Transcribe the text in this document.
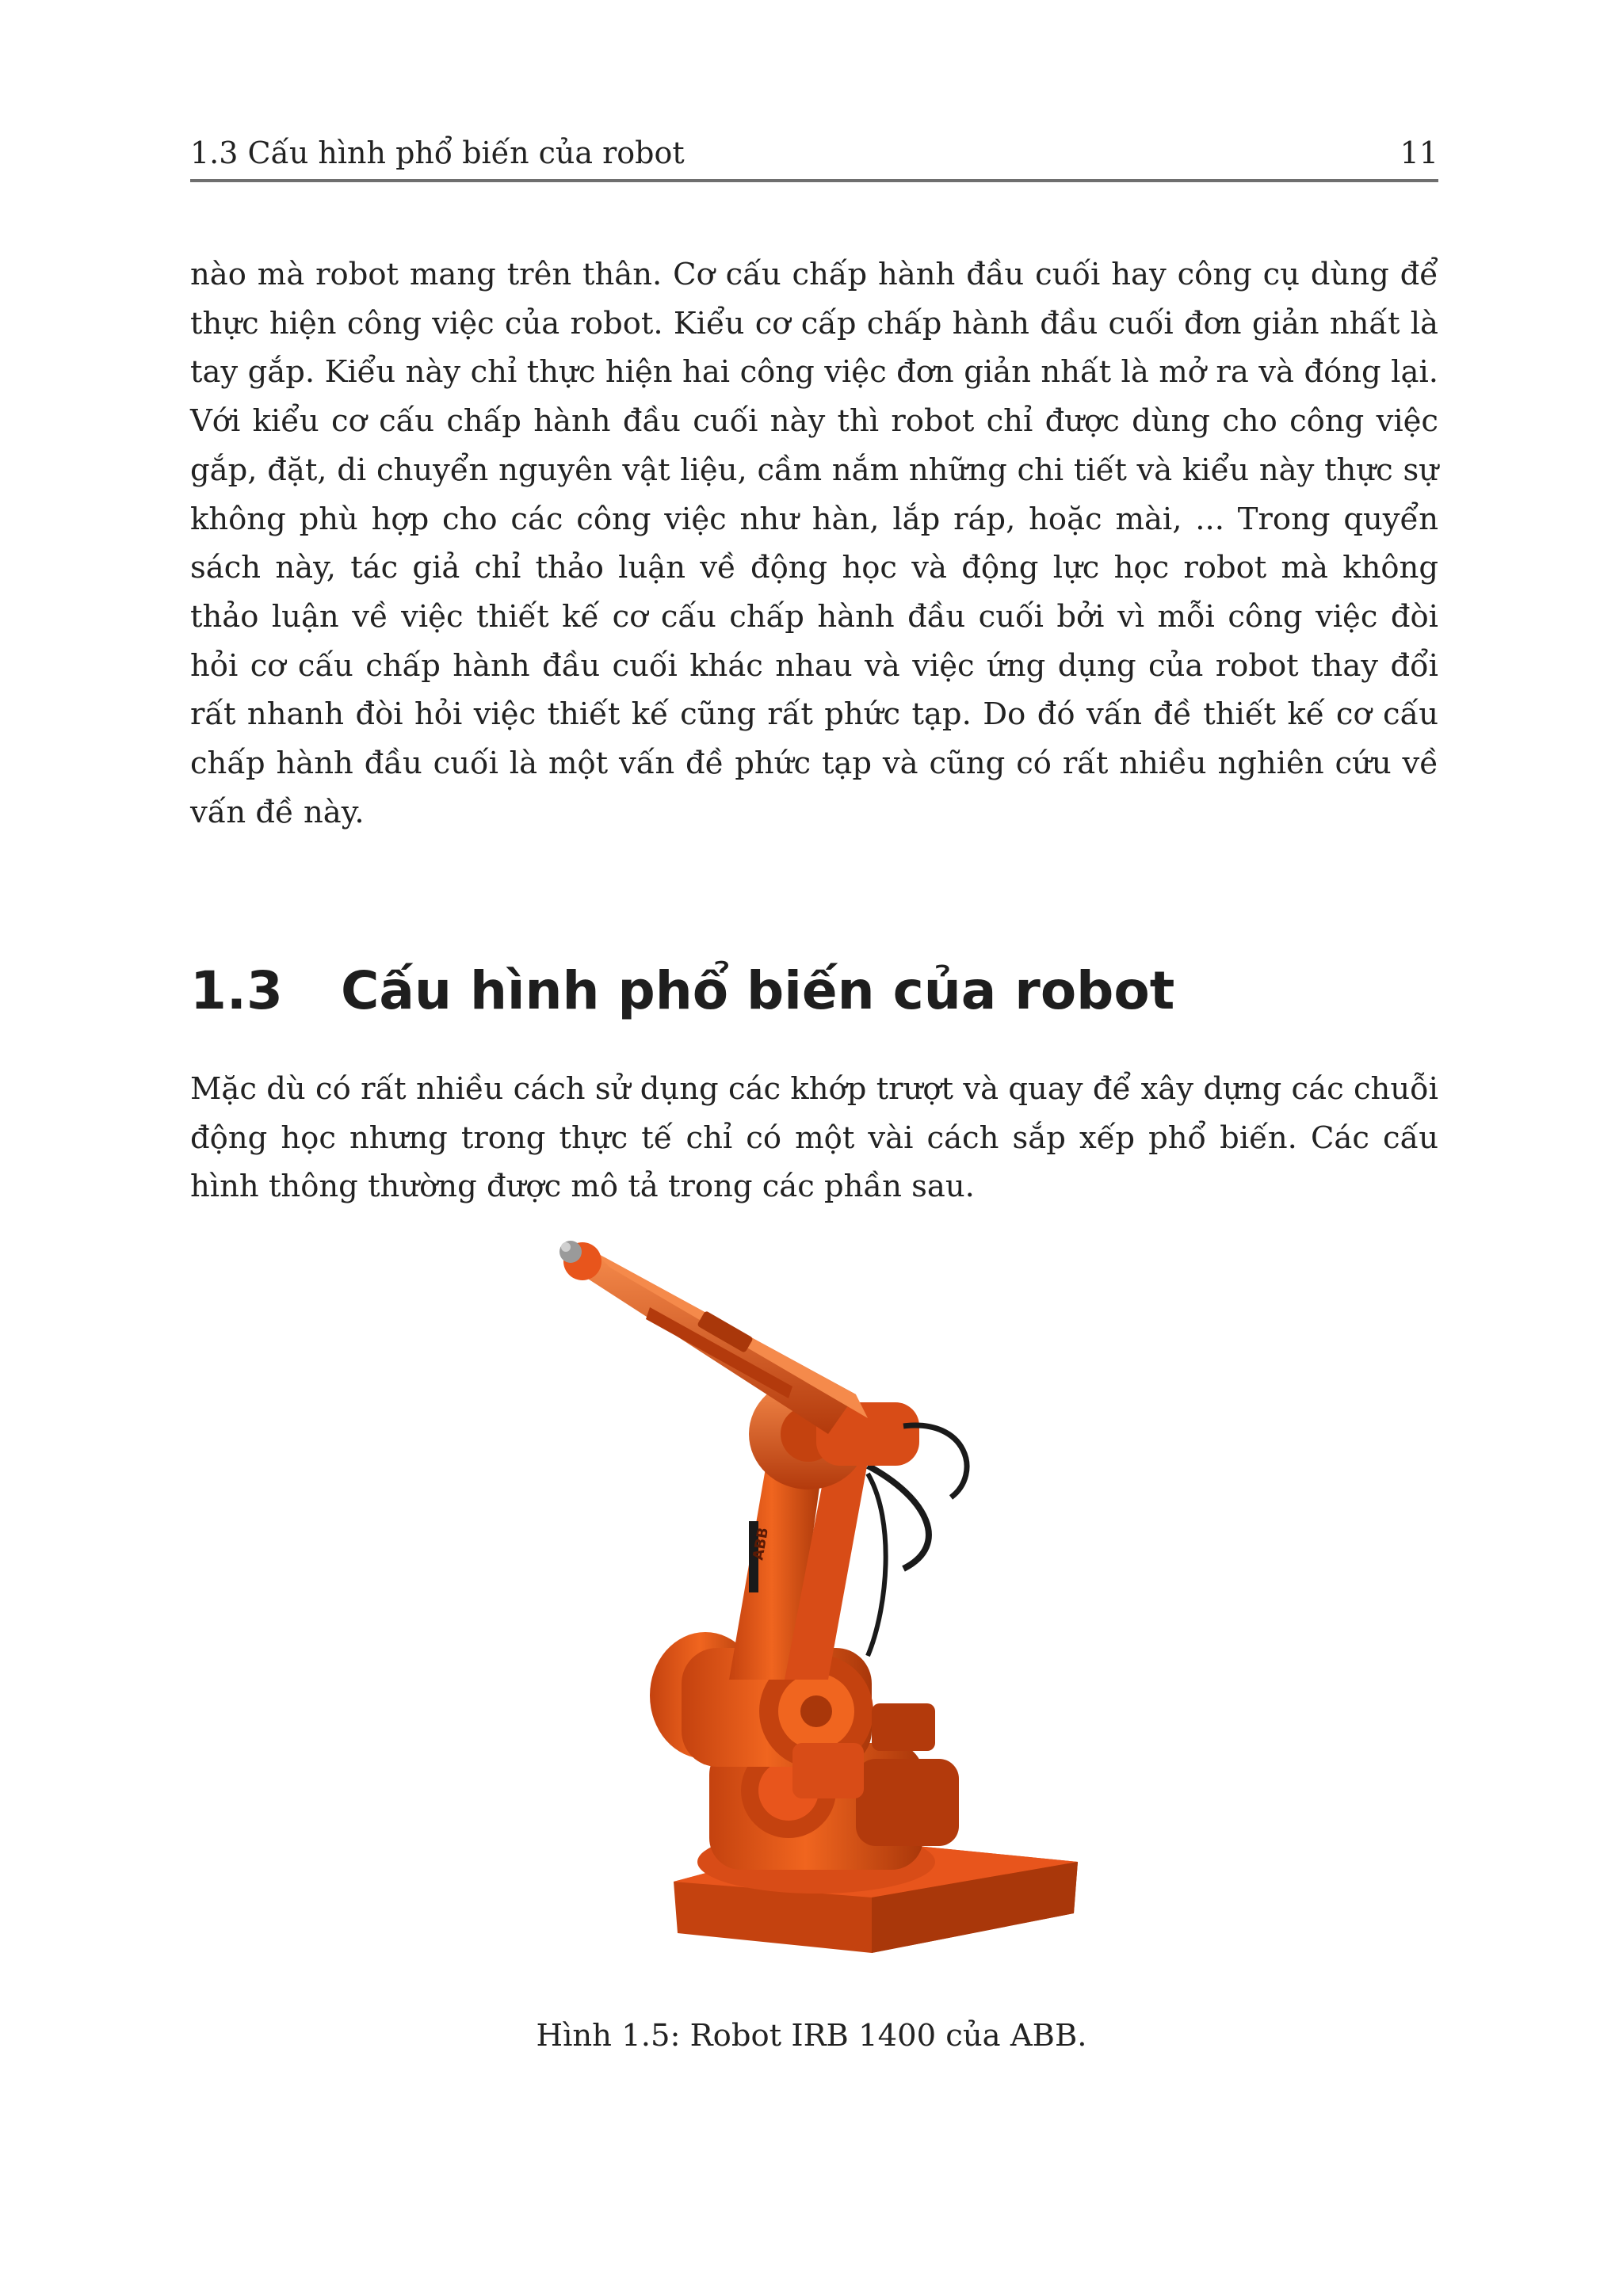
1.3 Cấu hình phổ biến của robot	11

nào mà robot mang trên thân. Cơ cấu chấp hành đầu cuối hay công cụ dùng để thực hiện công việc của robot. Kiểu cơ cấp chấp hành đầu cuối đơn giản nhất là tay gắp. Kiểu này chỉ thực hiện hai công việc đơn giản nhất là mở ra và đóng lại. Với kiểu cơ cấu chấp hành đầu cuối này thì robot chỉ được dùng cho công việc gắp, đặt, di chuyển nguyên vật liệu, cầm nắm những chi tiết và kiểu này thực sự không phù hợp cho các công việc như hàn, lắp ráp, hoặc mài, ... Trong quyển sách này, tác giả chỉ thảo luận về động học và động lực học robot mà không thảo luận về việc thiết kế cơ cấu chấp hành đầu cuối bởi vì mỗi công việc đòi hỏi cơ cấu chấp hành đầu cuối khác nhau và việc ứng dụng của robot thay đổi rất nhanh đòi hỏi việc thiết kế cũng rất phức tạp. Do đó vấn đề thiết kế cơ cấu chấp hành đầu cuối là một vấn đề phức tạp và cũng có rất nhiều nghiên cứu về vấn đề này.

1.3 Cấu hình phổ biến của robot

Mặc dù có rất nhiều cách sử dụng các khớp trượt và quay để xây dựng các chuỗi động học nhưng trong thực tế chỉ có một vài cách sắp xếp phổ biến. Các cấu hình thông thường được mô tả trong các phần sau.

ABB
Hình 1.5: Robot IRB 1400 của ABB.
